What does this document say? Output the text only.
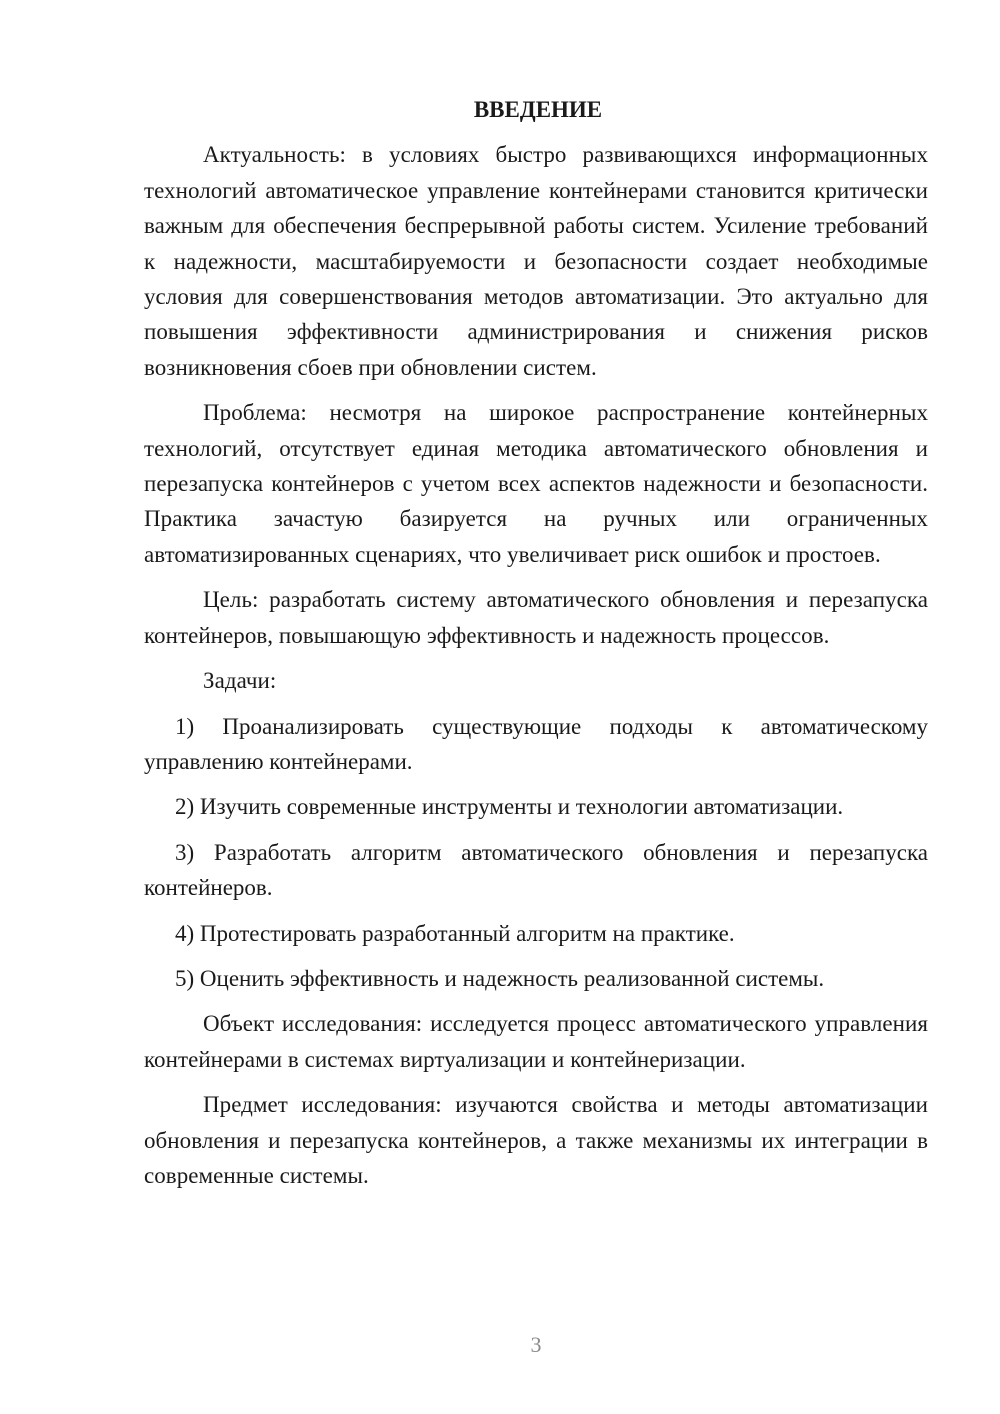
ВВЕДЕНИЕ

Актуальность: в условиях быстро развивающихся информационных технологий автоматическое управление контейнерами становится критически важным для обеспечения беспрерывной работы систем. Усиление требований к надежности, масштабируемости и безопасности создает необходимые условия для совершенствования методов автоматизации. Это актуально для повышения эффективности администрирования и снижения рисков возникновения сбоев при обновлении систем.

Проблема: несмотря на широкое распространение контейнерных технологий, отсутствует единая методика автоматического обновления и перезапуска контейнеров с учетом всех аспектов надежности и безопасности. Практика зачастую базируется на ручных или ограниченных автоматизированных сценариях, что увеличивает риск ошибок и простоев.

Цель: разработать систему автоматического обновления и перезапуска контейнеров, повышающую эффективность и надежность процессов.

Задачи:

1) Проанализировать существующие подходы к автоматическому управлению контейнерами.

2) Изучить современные инструменты и технологии автоматизации.

3) Разработать алгоритм автоматического обновления и перезапуска контейнеров.

4) Протестировать разработанный алгоритм на практике.

5) Оценить эффективность и надежность реализованной системы.

Объект исследования: исследуется процесс автоматического управления контейнерами в системах виртуализации и контейнеризации.

Предмет исследования: изучаются свойства и методы автоматизации обновления и перезапуска контейнеров, а также механизмы их интеграции в современные системы.

3
